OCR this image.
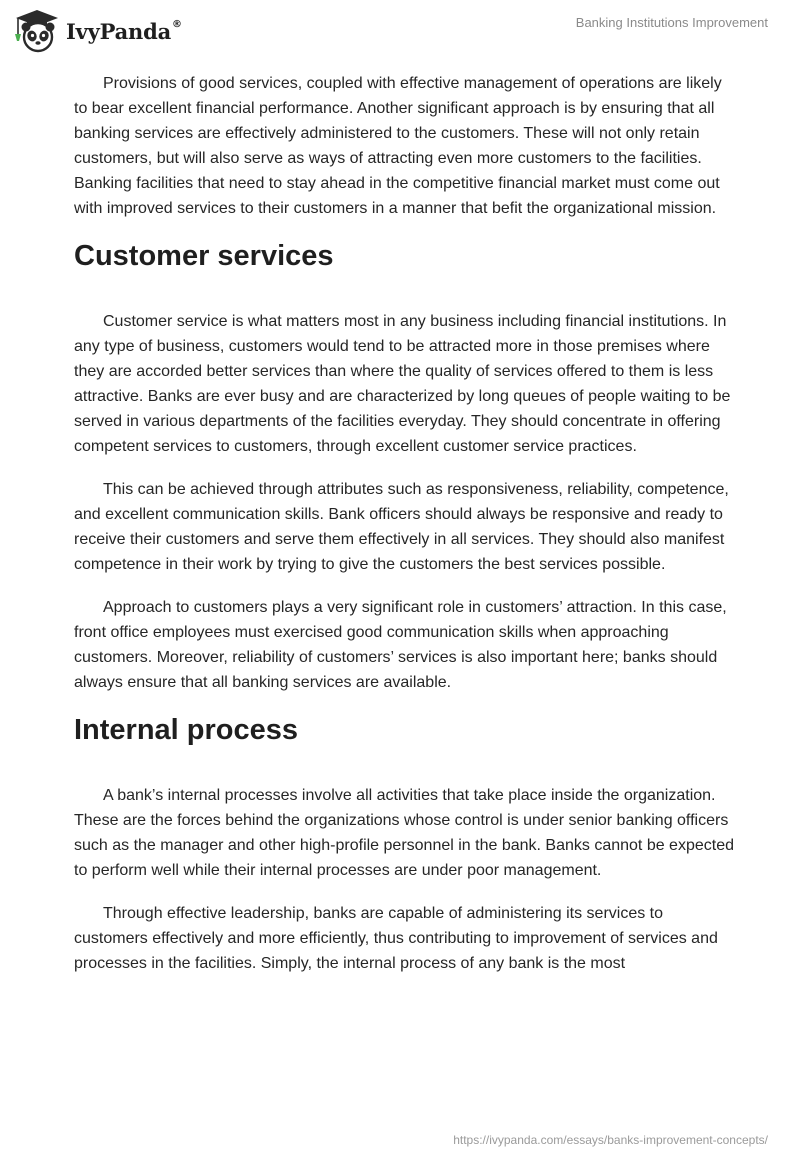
IvyPanda®	Banking Institutions Improvement

Provisions of good services, coupled with effective management of operations are likely to bear excellent financial performance. Another significant approach is by ensuring that all banking services are effectively administered to the customers. These will not only retain customers, but will also serve as ways of attracting even more customers to the facilities. Banking facilities that need to stay ahead in the competitive financial market must come out with improved services to their customers in a manner that befit the organizational mission.

Customer services

Customer service is what matters most in any business including financial institutions. In any type of business, customers would tend to be attracted more in those premises where they are accorded better services than where the quality of services offered to them is less attractive. Banks are ever busy and are characterized by long queues of people waiting to be served in various departments of the facilities everyday. They should concentrate in offering competent services to customers, through excellent customer service practices.

This can be achieved through attributes such as responsiveness, reliability, competence, and excellent communication skills. Bank officers should always be responsive and ready to receive their customers and serve them effectively in all services. They should also manifest competence in their work by trying to give the customers the best services possible.

Approach to customers plays a very significant role in customers’ attraction. In this case, front office employees must exercised good communication skills when approaching customers. Moreover, reliability of customers’ services is also important here; banks should always ensure that all banking services are available.

Internal process

A bank’s internal processes involve all activities that take place inside the organization. These are the forces behind the organizations whose control is under senior banking officers such as the manager and other high-profile personnel in the bank. Banks cannot be expected to perform well while their internal processes are under poor management.

Through effective leadership, banks are capable of administering its services to customers effectively and more efficiently, thus contributing to improvement of services and processes in the facilities. Simply, the internal process of any bank is the most

https://ivypanda.com/essays/banks-improvement-concepts/
